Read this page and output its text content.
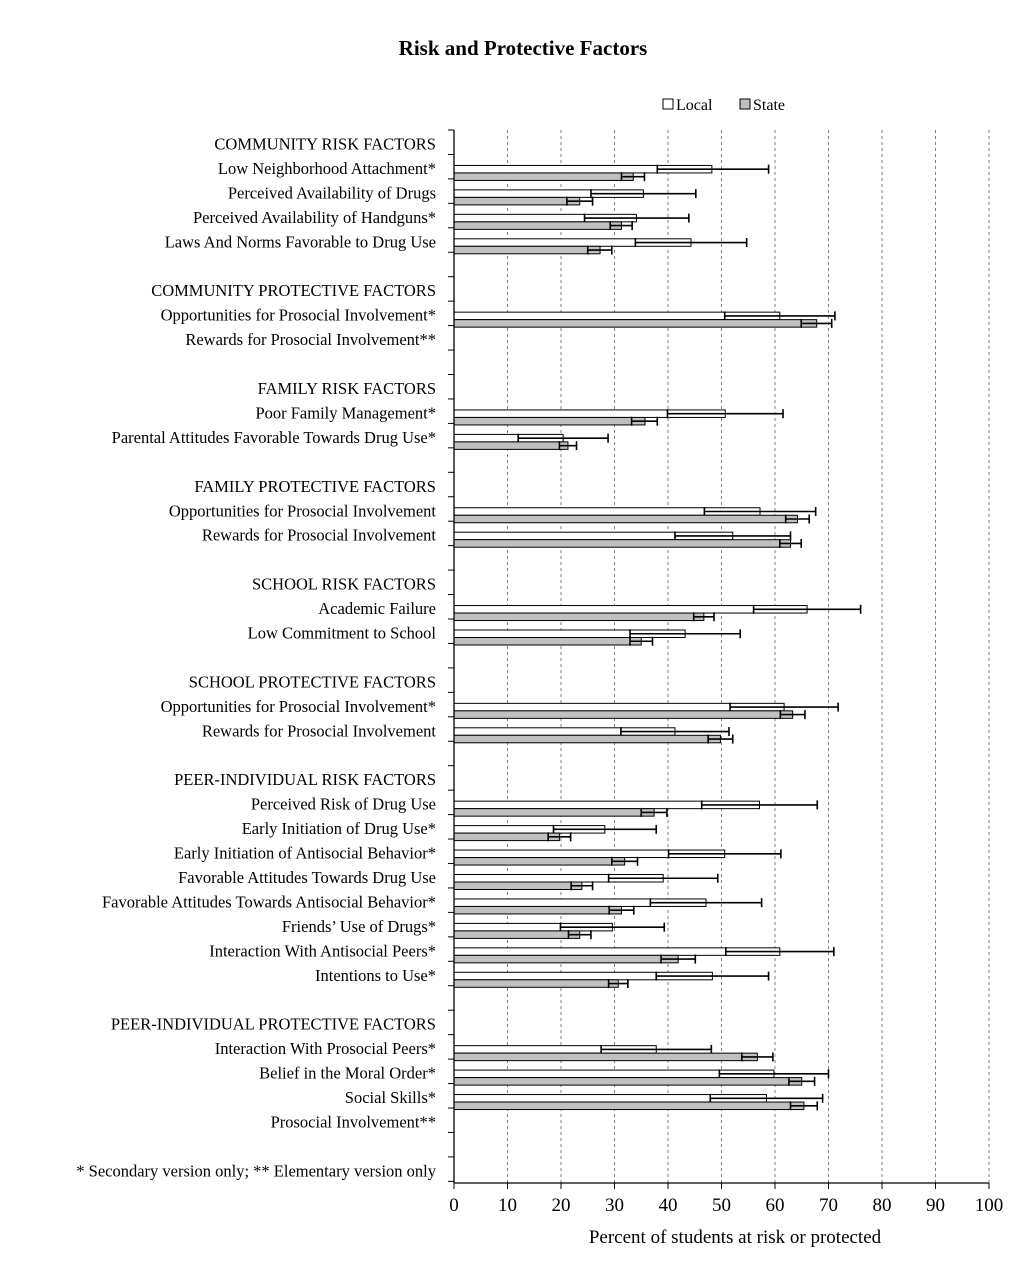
Risk and Protective Factors
Local	State
COMMUNITY RISK FACTORS
Low Neighborhood Attachment*
Perceived Availability of Drugs
Perceived Availability of Handguns*
Laws And Norms Favorable to Drug Use
COMMUNITY PROTECTIVE FACTORS
Opportunities for Prosocial Involvement*
Rewards for Prosocial Involvement**
FAMILY RISK FACTORS
Poor Family Management*
Parental Attitudes Favorable Towards Drug Use*
FAMILY PROTECTIVE FACTORS
Opportunities for Prosocial Involvement
Rewards for Prosocial Involvement
SCHOOL RISK FACTORS
Academic Failure
Low Commitment to School
SCHOOL PROTECTIVE FACTORS
Opportunities for Prosocial Involvement*
Rewards for Prosocial Involvement
PEER-INDIVIDUAL RISK FACTORS
Perceived Risk of Drug Use
Early Initiation of Drug Use*
Early Initiation of Antisocial Behavior*
Favorable Attitudes Towards Drug Use
Favorable Attitudes Towards Antisocial Behavior*
Friends’ Use of Drugs*
Interaction With Antisocial Peers*
Intentions to Use*
PEER-INDIVIDUAL PROTECTIVE FACTORS
Interaction With Prosocial Peers*
Belief in the Moral Order*
Social Skills*
Prosocial Involvement**
* Secondary version only; ** Elementary version only
0 10 20 30 40 50 60 70 80 90 100
Percent of students at risk or protected
